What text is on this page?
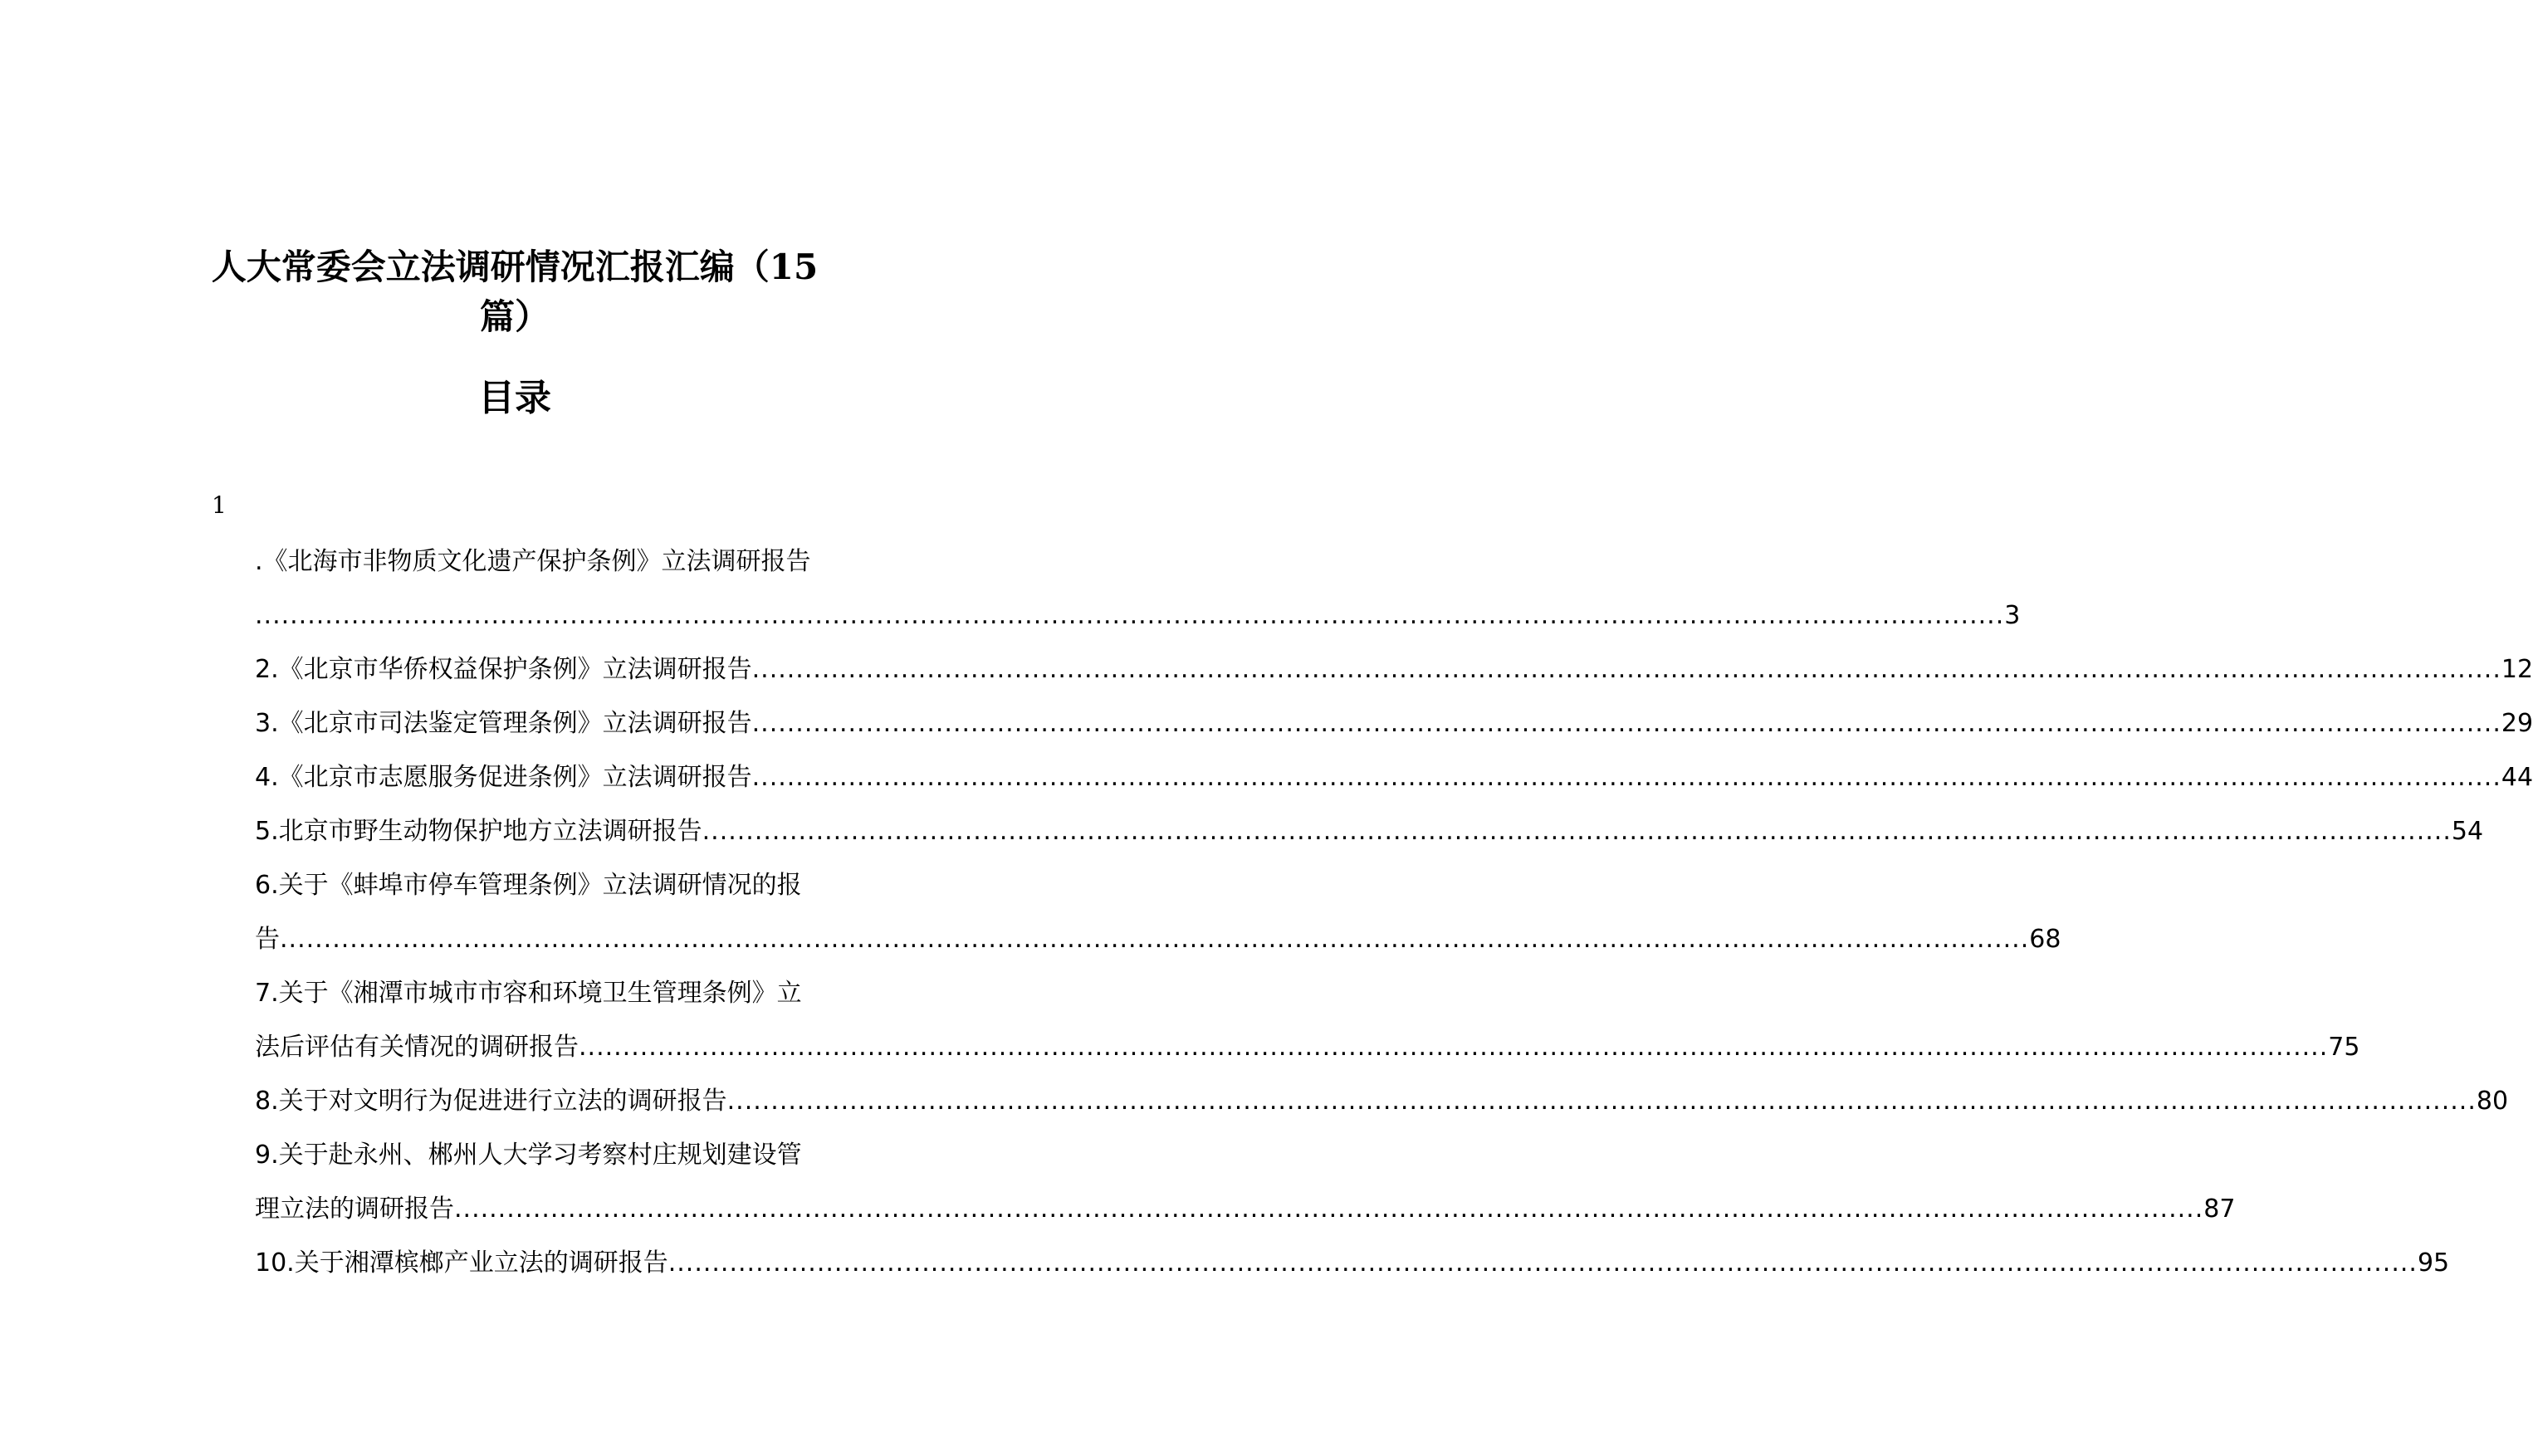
人大常委会立法调研情况汇报汇编（15
篇）
目录
1
.《北海市非物质文化遗产保护条例》立法调研报告
........................................................................................................................................................................................................ 3
2.《北京市华侨权益保护条例》立法调研报告 ........................................................................................................................................................................................................ 12
3.《北京市司法鉴定管理条例》立法调研报告 ........................................................................................................................................................................................................ 29
4.《北京市志愿服务促进条例》立法调研报告 ........................................................................................................................................................................................................ 44
5.北京市野生动物保护地方立法调研报告 ........................................................................................................................................................................................................ 54
6.关于《蚌埠市停车管理条例》立法调研情况的报
告 ........................................................................................................................................................................................................ 68
7.关于《湘潭市城市市容和环境卫生管理条例》立
法后评估有关情况的调研报告 ........................................................................................................................................................................................................ 75
8.关于对文明行为促进进行立法的调研报告 ........................................................................................................................................................................................................ 80
9.关于赴永州、郴州人大学习考察村庄规划建设管
理立法的调研报告 ........................................................................................................................................................................................................ 87
10.关于湘潭槟榔产业立法的调研报告 ........................................................................................................................................................................................................ 95
